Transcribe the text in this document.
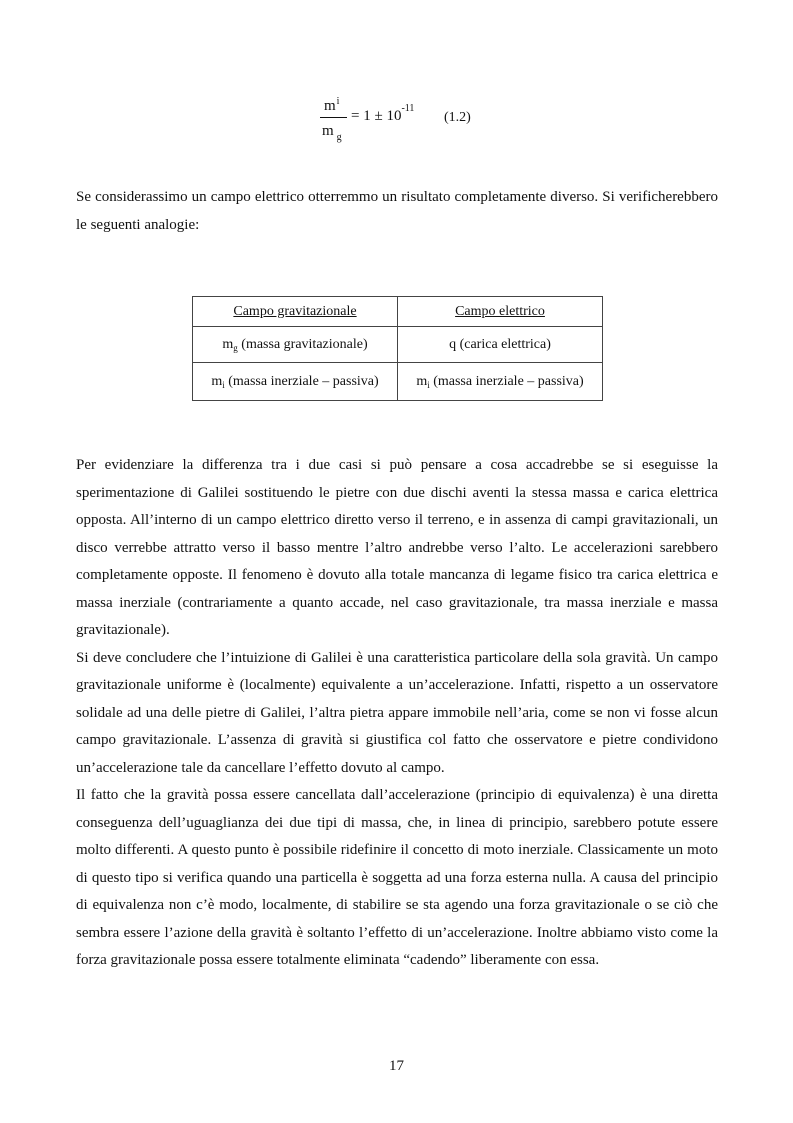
$m^i$
m $_g$
= $1 \pm 10^{-11}$
(1.2)

Se considerassimo un campo elettrico otterremmo un risultato completamente diverso. Si verificherebbero le seguenti analogie:

Campo gravitazionale	Campo elettrico
$m_g$ (massa gravitazionale)	q (carica elettrica)
$m_i$ (massa inerziale – passiva)	$m_i$ (massa inerziale – passiva)

Per evidenziare la differenza tra i due casi si può pensare a cosa accadrebbe se si eseguisse la sperimentazione di Galilei sostituendo le pietre con due dischi aventi la stessa massa e carica elettrica opposta. All’interno di un campo elettrico diretto verso il terreno, e in assenza di campi gravitazionali, un disco verrebbe attratto verso il basso mentre l’altro andrebbe verso l’alto. Le accelerazioni sarebbero completamente opposte. Il fenomeno è dovuto alla totale mancanza di legame fisico tra carica elettrica e massa inerziale (contrariamente a quanto accade, nel caso gravitazionale, tra massa inerziale e massa gravitazionale).

Si deve concludere che l’intuizione di Galilei è una caratteristica particolare della sola gravità. Un campo gravitazionale uniforme è (localmente) equivalente a un’accelerazione. Infatti, rispetto a un osservatore solidale ad una delle pietre di Galilei, l’altra pietra appare immobile nell’aria, come se non vi fosse alcun campo gravitazionale. L’assenza di gravità si giustifica col fatto che osservatore e pietre condividono un’accelerazione tale da cancellare l’effetto dovuto al campo.

Il fatto che la gravità possa essere cancellata dall’accelerazione (principio di equivalenza) è una diretta conseguenza dell’uguaglianza dei due tipi di massa, che, in linea di principio, sarebbero potute essere molto differenti. A questo punto è possibile ridefinire il concetto di moto inerziale. Classicamente un moto di questo tipo si verifica quando una particella è soggetta ad una forza esterna nulla. A causa del principio di equivalenza non c’è modo, localmente, di stabilire se sta agendo una forza gravitazionale o se ciò che sembra essere l’azione della gravità è soltanto l’effetto di un’accelerazione. Inoltre abbiamo visto come la forza gravitazionale possa essere totalmente eliminata “cadendo” liberamente con essa.

17
